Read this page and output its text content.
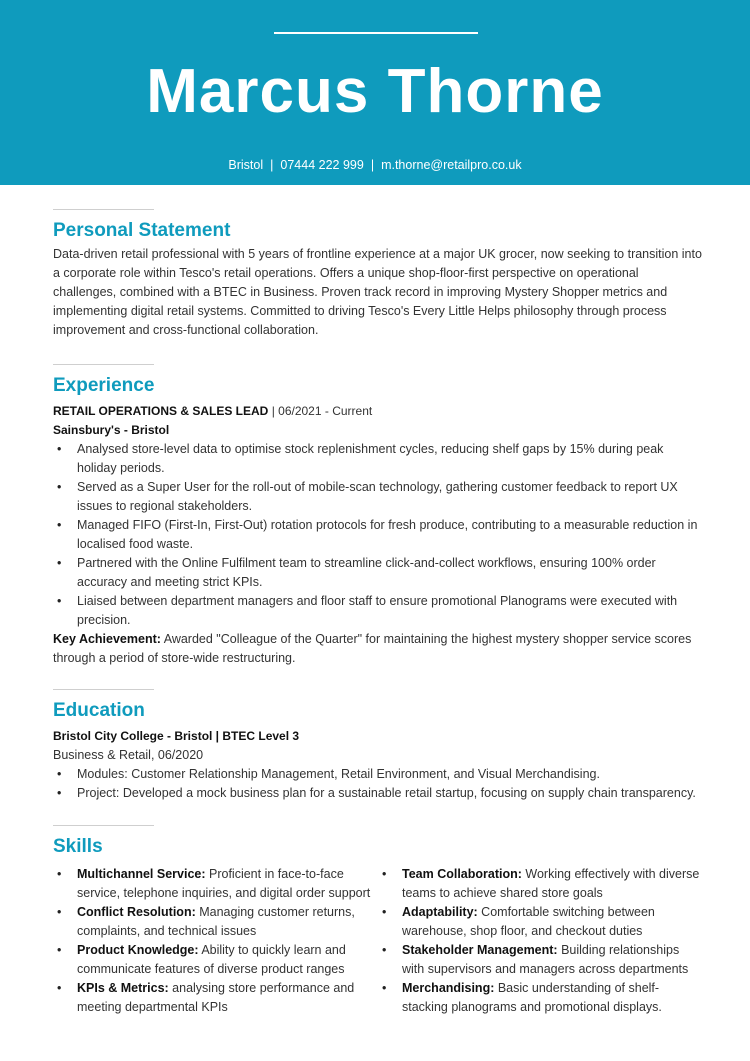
Marcus Thorne
Bristol | 07444 222 999 | m.thorne@retailpro.co.uk
Personal Statement
Data-driven retail professional with 5 years of frontline experience at a major UK grocer, now seeking to transition into a corporate role within Tesco's retail operations. Offers a unique shop-floor-first perspective on operational challenges, combined with a BTEC in Business. Proven track record in improving Mystery Shopper metrics and implementing digital retail systems. Committed to driving Tesco's Every Little Helps philosophy through process improvement and cross-functional collaboration.
Experience
RETAIL OPERATIONS & SALES LEAD | 06/2021 - Current
Sainsbury's - Bristol
• Analysed store-level data to optimise stock replenishment cycles, reducing shelf gaps by 15% during peak holiday periods.
• Served as a Super User for the roll-out of mobile-scan technology, gathering customer feedback to report UX issues to regional stakeholders.
• Managed FIFO (First-In, First-Out) rotation protocols for fresh produce, contributing to a measurable reduction in localised food waste.
• Partnered with the Online Fulfilment team to streamline click-and-collect workflows, ensuring 100% order accuracy and meeting strict KPIs.
• Liaised between department managers and floor staff to ensure promotional Planograms were executed with precision.
Key Achievement: Awarded "Colleague of the Quarter" for maintaining the highest mystery shopper service scores through a period of store-wide restructuring.
Education
Bristol City College - Bristol | BTEC Level 3
Business & Retail, 06/2020
• Modules: Customer Relationship Management, Retail Environment, and Visual Merchandising.
• Project: Developed a mock business plan for a sustainable retail startup, focusing on supply chain transparency.
Skills
• Multichannel Service: Proficient in face-to-face service, telephone inquiries, and digital order support
• Conflict Resolution: Managing customer returns, complaints, and technical issues
• Product Knowledge: Ability to quickly learn and communicate features of diverse product ranges
• KPIs & Metrics: analysing store performance and meeting departmental KPIs
• Team Collaboration: Working effectively with diverse teams to achieve shared store goals
• Adaptability: Comfortable switching between warehouse, shop floor, and checkout duties
• Stakeholder Management: Building relationships with supervisors and managers across departments
• Merchandising: Basic understanding of shelf-stacking planograms and promotional displays.
